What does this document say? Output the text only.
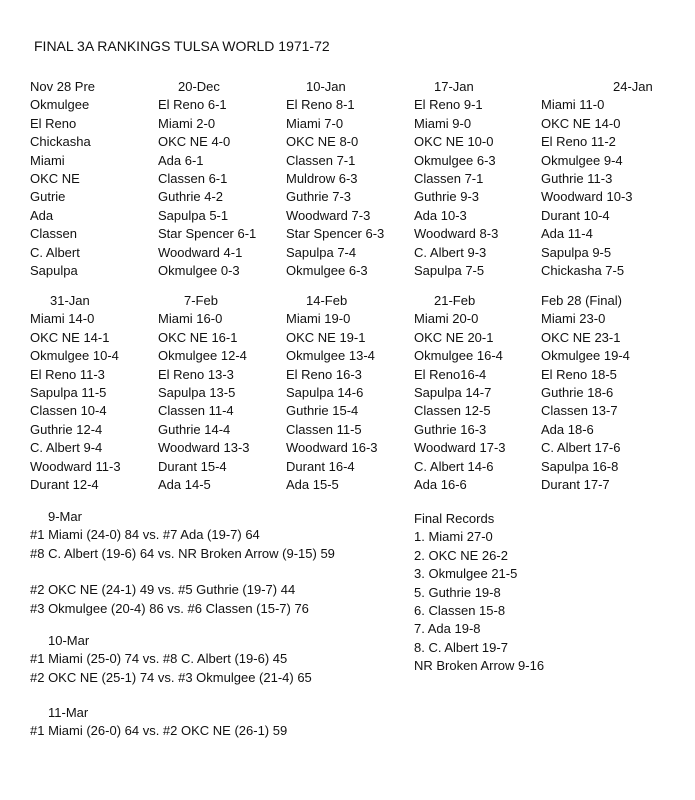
FINAL 3A RANKINGS TULSA WORLD 1971-72
Nov 28 Pre
Okmulgee
El Reno
Chickasha
Miami
OKC NE
Gutrie
Ada
Classen
C. Albert
Sapulpa
20-Dec
El Reno 6-1
Miami 2-0
OKC NE 4-0
Ada 6-1
Classen 6-1
Guthrie 4-2
Sapulpa 5-1
Star Spencer 6-1
Woodward 4-1
Okmulgee 0-3
10-Jan
El Reno 8-1
Miami 7-0
OKC NE 8-0
Classen 7-1
Muldrow 6-3
Guthrie 7-3
Woodward 7-3
Star Spencer 6-3
Sapulpa 7-4
Okmulgee 6-3
17-Jan
El Reno 9-1
Miami 9-0
OKC NE 10-0
Okmulgee 6-3
Classen 7-1
Guthrie 9-3
Ada 10-3
Woodward 8-3
C. Albert 9-3
Sapulpa 7-5
24-Jan
Miami 11-0
OKC NE 14-0
El Reno 11-2
Okmulgee 9-4
Guthrie 11-3
Woodward 10-3
Durant 10-4
Ada 11-4
Sapulpa 9-5
Chickasha 7-5
31-Jan
Miami 14-0
OKC NE 14-1
Okmulgee 10-4
El Reno 11-3
Sapulpa 11-5
Classen 10-4
Guthrie 12-4
C. Albert 9-4
Woodward 11-3
Durant 12-4
7-Feb
Miami 16-0
OKC NE 16-1
Okmulgee 12-4
El Reno 13-3
Sapulpa 13-5
Classen 11-4
Guthrie 14-4
Woodward 13-3
Durant 15-4
Ada 14-5
14-Feb
Miami 19-0
OKC NE 19-1
Okmulgee 13-4
El Reno 16-3
Sapulpa 14-6
Guthrie 15-4
Classen 11-5
Woodward 16-3
Durant 16-4
Ada 15-5
21-Feb
Miami 20-0
OKC NE 20-1
Okmulgee 16-4
El Reno16-4
Sapulpa 14-7
Classen 12-5
Guthrie 16-3
Woodward 17-3
C. Albert 14-6
Ada 16-6
Feb 28 (Final)
Miami 23-0
OKC NE 23-1
Okmulgee 19-4
El Reno 18-5
Guthrie 18-6
Classen 13-7
Ada 18-6
C. Albert 17-6
Sapulpa 16-8
Durant 17-7
9-Mar
#1 Miami (24-0) 84 vs. #7 Ada (19-7) 64
#8 C. Albert (19-6) 64 vs. NR Broken Arrow (9-15) 59
#2 OKC NE (24-1) 49 vs. #5 Guthrie (19-7) 44
#3 Okmulgee (20-4) 86 vs. #6 Classen (15-7) 76
10-Mar
#1 Miami (25-0) 74 vs. #8 C. Albert (19-6) 45
#2 OKC NE (25-1) 74 vs. #3 Okmulgee (21-4) 65
11-Mar
#1 Miami (26-0) 64 vs. #2 OKC NE (26-1) 59
Final Records
1. Miami 27-0
2. OKC NE 26-2
3. Okmulgee 21-5
5. Guthrie 19-8
6. Classen 15-8
7. Ada 19-8
8. C. Albert 19-7
NR Broken Arrow 9-16
